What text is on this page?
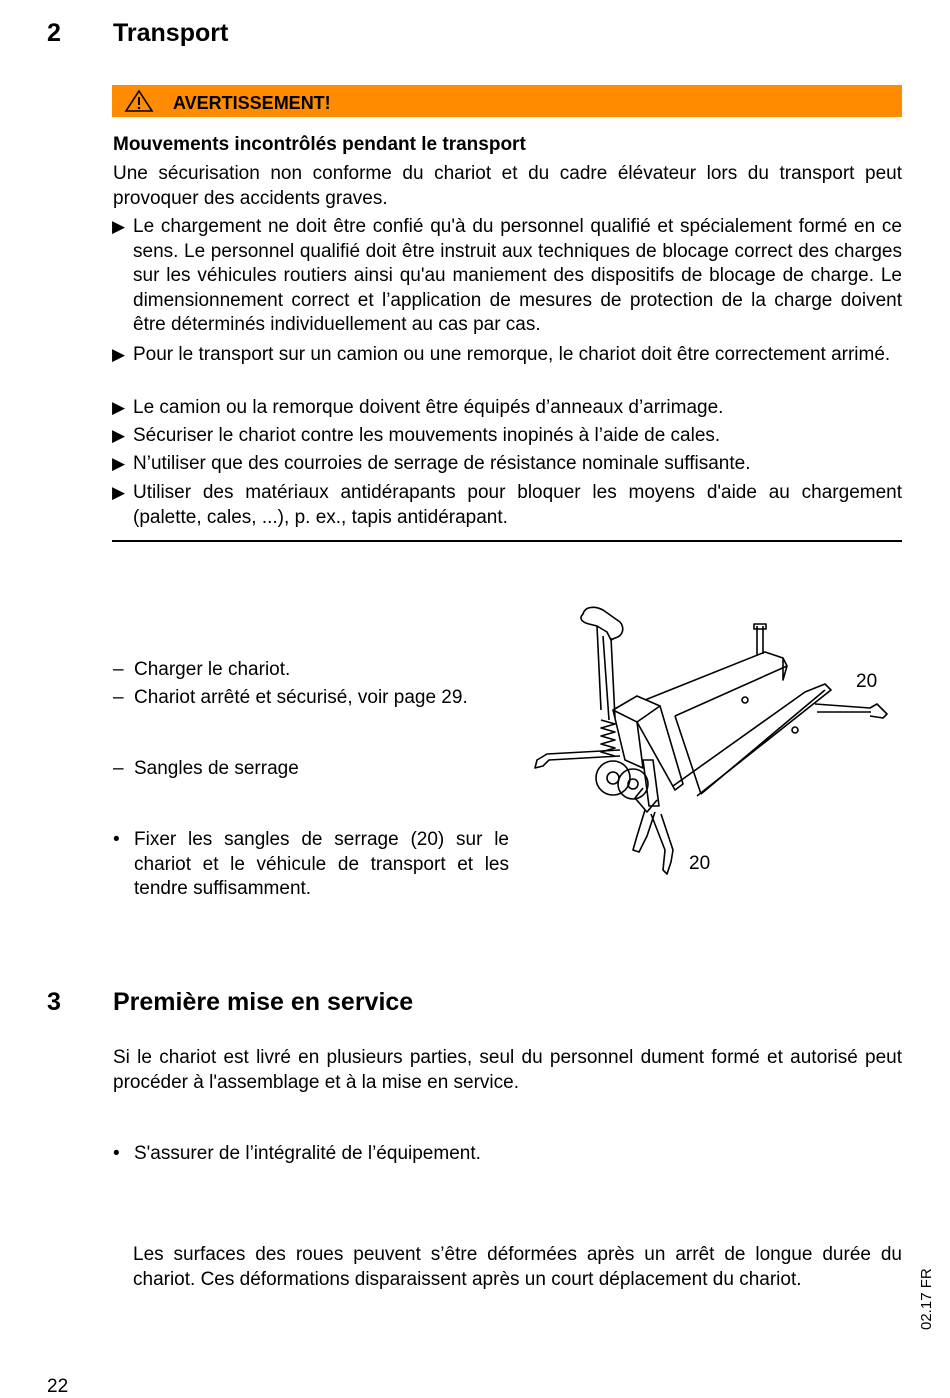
2 Transport
AVERTISSEMENT!
Mouvements incontrôlés pendant le transport
Une sécurisation non conforme du chariot et du cadre élévateur lors du transport peut provoquer des accidents graves.
▶ Le chargement ne doit être confié qu'à du personnel qualifié et spécialement formé en ce sens. Le personnel qualifié doit être instruit aux techniques de blocage correct des charges sur les véhicules routiers ainsi qu'au maniement des dispositifs de blocage de charge. Le dimensionnement correct et l’application de mesures de protection de la charge doivent être déterminés individuellement au cas par cas.
▶ Pour le transport sur un camion ou une remorque, le chariot doit être correctement arrimé.
▶ Le camion ou la remorque doivent être équipés d’anneaux d’arrimage.
▶ Sécuriser le chariot contre les mouvements inopinés à l’aide de cales.
▶ N’utiliser que des courroies de serrage de résistance nominale suffisante.
▶ Utiliser des matériaux antidérapants pour bloquer les moyens d'aide au chargement (palette, cales, ...), p. ex., tapis antidérapant.
– Charger le chariot.
– Chariot arrêté et sécurisé, voir page 29.
– Sangles de serrage
• Fixer les sangles de serrage (20) sur le chariot et le véhicule de transport et les tendre suffisamment.
20
20
3 Première mise en service
Si le chariot est livré en plusieurs parties, seul du personnel dument formé et autorisé peut procéder à l'assemblage et à la mise en service.
• S'assurer de l’intégralité de l’équipement.
Les surfaces des roues peuvent s’être déformées après un arrêt de longue durée du chariot. Ces déformations disparaissent après un court déplacement du chariot.	02.17 FR
22
